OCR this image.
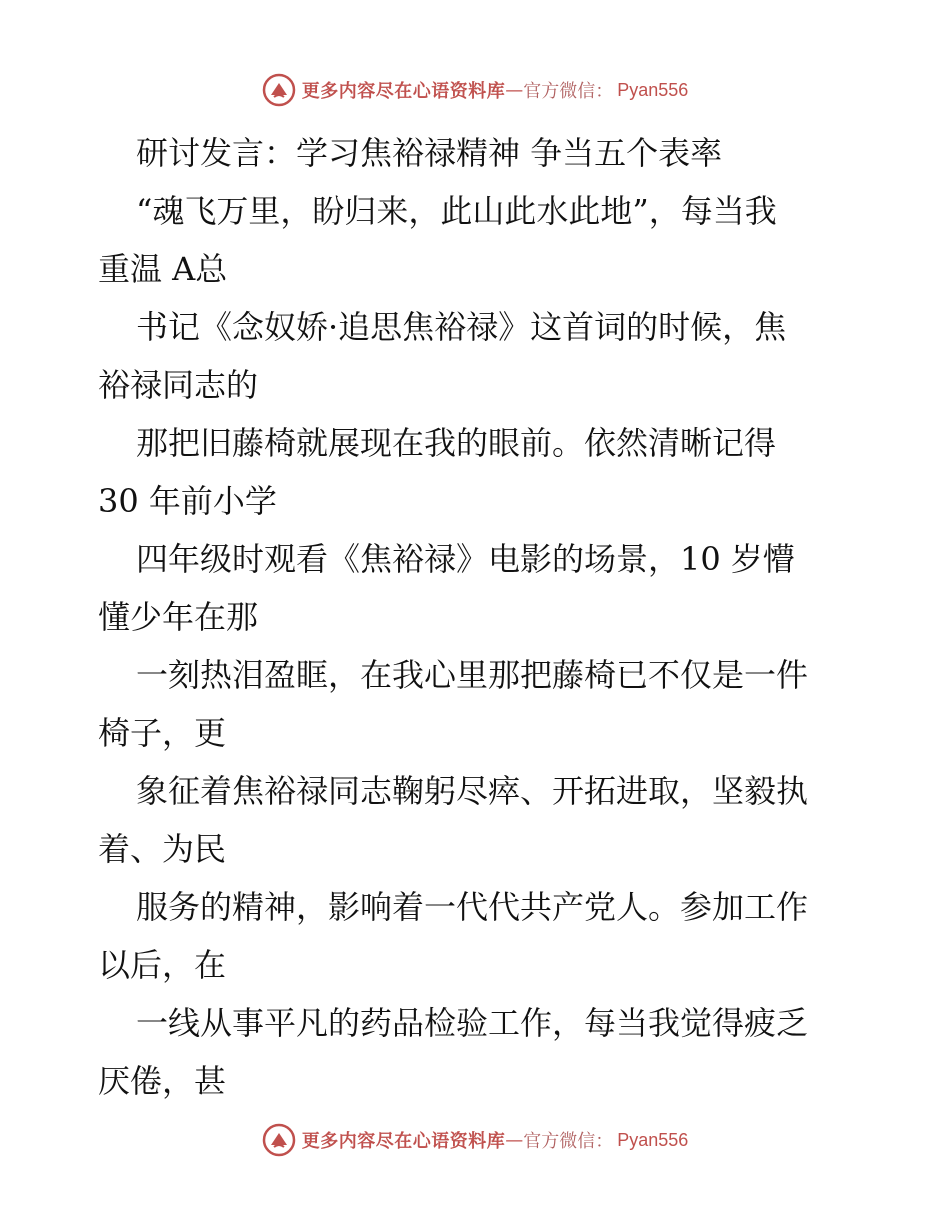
更多内容尽在心语资料库 — 官方微信： Pyan556
研讨发言：学习焦裕禄精神 争当五个表率
“魂飞万里，盼归来，此山此水此地”，每当我
重温 A总
书记《念奴娇·追思焦裕禄》这首词的时候，焦
裕禄同志的
那把旧藤椅就展现在我的眼前。依然清晰记得
30 年前小学
四年级时观看《焦裕禄》电影的场景，10 岁懵
懂少年在那
一刻热泪盈眶，在我心里那把藤椅已不仅是一件
椅子，更
象征着焦裕禄同志鞠躬尽瘁、开拓进取，坚毅执
着、为民
服务的精神，影响着一代代共产党人。参加工作
以后，在
一线从事平凡的药品检验工作，每当我觉得疲乏
厌倦，甚
更多内容尽在心语资料库 — 官方微信： Pyan556
